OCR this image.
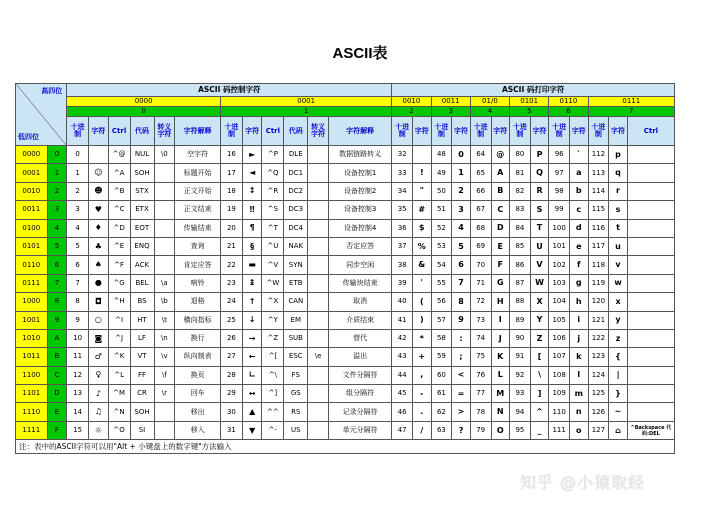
ASCII表
高四位
低四位		ASCII 码控制字符												ASCII 码打印字符												
		0000						0001						0010		0011		01/0		0101		0110		0111		
		0						1						2		3		4		5		6		7		
		十进制	字符	Ctrl	代码	转义字符	字符解释	十进制	字符	Ctrl	代码	转义字符	字符解释	十进制	字符	十进制	字符	十进制	字符	十进制	字符	十进制	字符	十进制	字符	Ctrl
0000	0	0		^@	NUL	\0	空字符	16	►	^P	DLE		数据链路转义	32		48	0	64	@	80	P	96	`	112	p	
0001	1	1	☺	^A	SOH		标题开始	17	◄	^Q	DC1		设备控制1	33	!	49	1	65	A	81	Q	97	a	113	q	
0010	2	2	☻	^B	STX		正文开始	18	↕	^R	DC2		设备控制2	34	"	50	2	66	B	82	R	98	b	114	r	
0011	3	3	♥	^C	ETX		正文结束	19	‼	^S	DC3		设备控制3	35	#	51	3	67	C	83	S	99	c	115	s	
0100	4	4	♦	^D	EOT		传输结束	20	¶	^T	DC4		设备控制4	36	$	52	4	68	D	84	T	100	d	116	t	
0101	5	5	♣	^E	ENQ		查询	21	§	^U	NAK		否定应答	37	%	53	5	69	E	85	U	101	e	117	u	
0110	6	6	♠	^F	ACK		肯定应答	22	▬	^V	SYN		同步空闲	38	&	54	6	70	F	86	V	102	f	118	v	
0111	7	7	●	^G	BEL	\a	响铃	23	↨	^W	ETB		传输块结束	39	'	55	7	71	G	87	W	103	g	119	w	
1000	8	8	◘	^H	BS	\b	退格	24	↑	^X	CAN		取消	40	(	56	8	72	H	88	X	104	h	120	x	
1001	9	9	○	^I	HT	\t	横向指标	25	↓	^Y	EM		介质结束	41	)	57	9	73	I	89	Y	105	i	121	y	
1010	A	10	◙	^J	LF	\n	换行	26	→	^Z	SUB		替代	42	*	58	:	74	J	90	Z	106	j	122	z	
1011	B	11	♂	^K	VT	\v	纵向制表	27	←	^[	ESC	\e	溢出	43	+	59	;	75	K	91	[	107	k	123	{	
1100	C	12	♀	^L	FF	\f	换页	28	∟	^\	FS		文件分隔符	44	,	60	<	76	L	92	\	108	l	124	|	
1101	D	13	♪	^M	CR	\r	回车	29	↔	^]	GS		组分隔符	45	-	61	=	77	M	93	]	109	m	125	}	
1110	E	14	♫	^N	SOH		移出	30	▲	^^	RS		记录分隔符	46	.	62	>	78	N	94	^	110	n	126	~	
1111	F	15	☼	^O	SI		移入	31	▼	^-	US		单元分隔符	47	/	63	?	79	O	95	_	111	o	127	⌂	^Backspace 代码:DEL
注：表中的ASCII字符可以用"Alt + 小键盘上的数字键"方法输入																										
知乎 @小猿取经
